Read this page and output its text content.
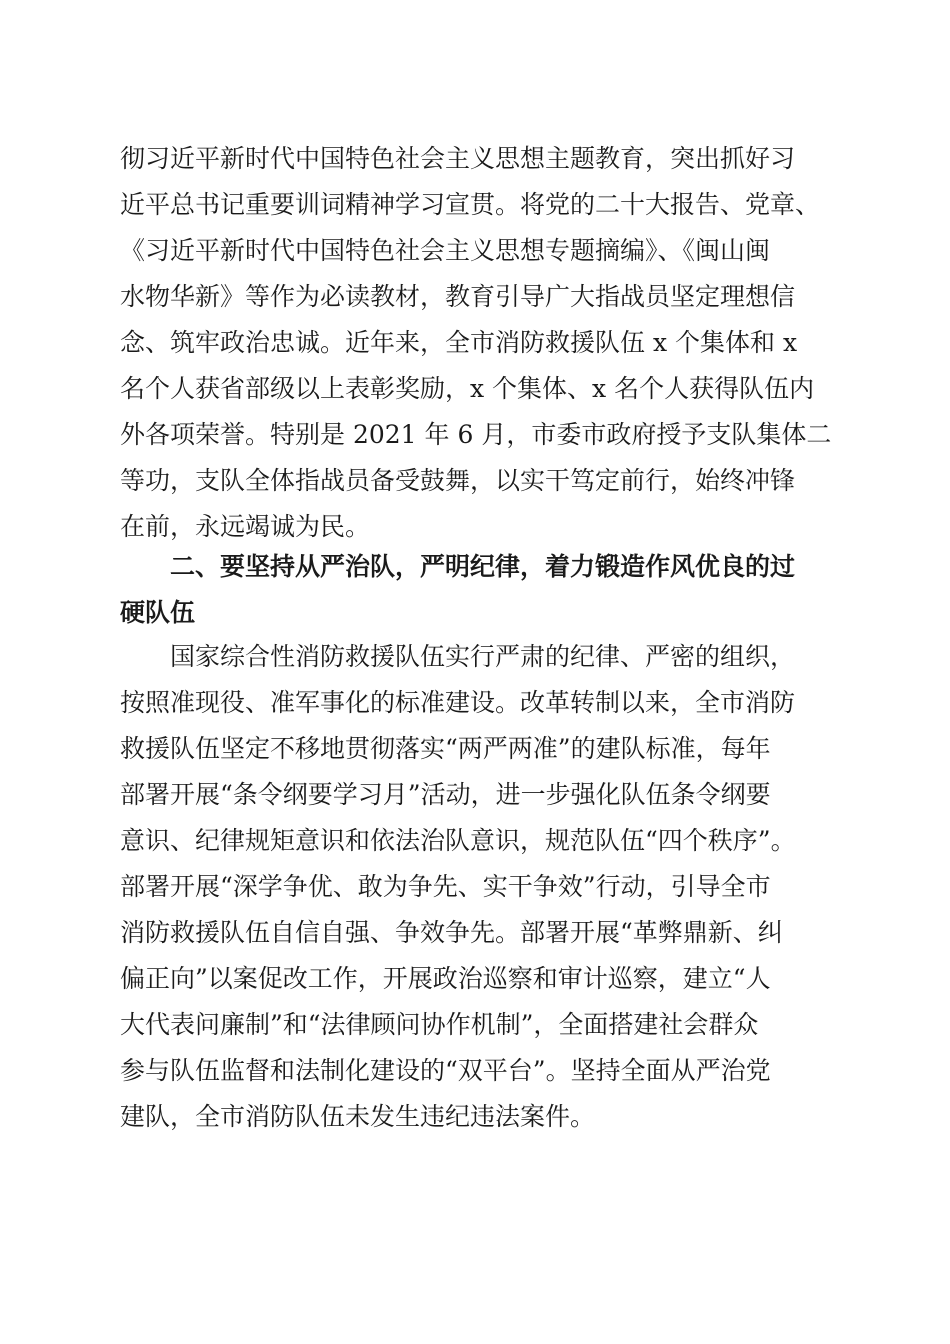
彻习近平新时代中国特色社会主义思想主题教育，突出抓好习
近平总书记重要训词精神学习宣贯。将党的二十大报告、党章、
《习近平新时代中国特色社会主义思想专题摘编》、《闽山闽
水物华新》等作为必读教材，教育引导广大指战员坚定理想信
念、筑牢政治忠诚。近年来，全市消防救援队伍 x 个集体和 x
名个人获省部级以上表彰奖励，x 个集体、x 名个人获得队伍内
外各项荣誉。特别是 2021 年 6 月，市委市政府授予支队集体二
等功，支队全体指战员备受鼓舞，以实干笃定前行，始终冲锋
在前，永远竭诚为民。
二、要坚持从严治队，严明纪律，着力锻造作风优良的过
硬队伍
国家综合性消防救援队伍实行严肃的纪律、严密的组织，
按照准现役、准军事化的标准建设。改革转制以来，全市消防
救援队伍坚定不移地贯彻落实“两严两准”的建队标准，每年
部署开展“条令纲要学习月”活动，进一步强化队伍条令纲要
意识、纪律规矩意识和依法治队意识，规范队伍“四个秩序”。
部署开展“深学争优、敢为争先、实干争效”行动，引导全市
消防救援队伍自信自强、争效争先。部署开展“革弊鼎新、纠
偏正向”以案促改工作，开展政治巡察和审计巡察，建立“人
大代表问廉制”和“法律顾问协作机制”，全面搭建社会群众
参与队伍监督和法制化建设的“双平台”。坚持全面从严治党
建队，全市消防队伍未发生违纪违法案件。
